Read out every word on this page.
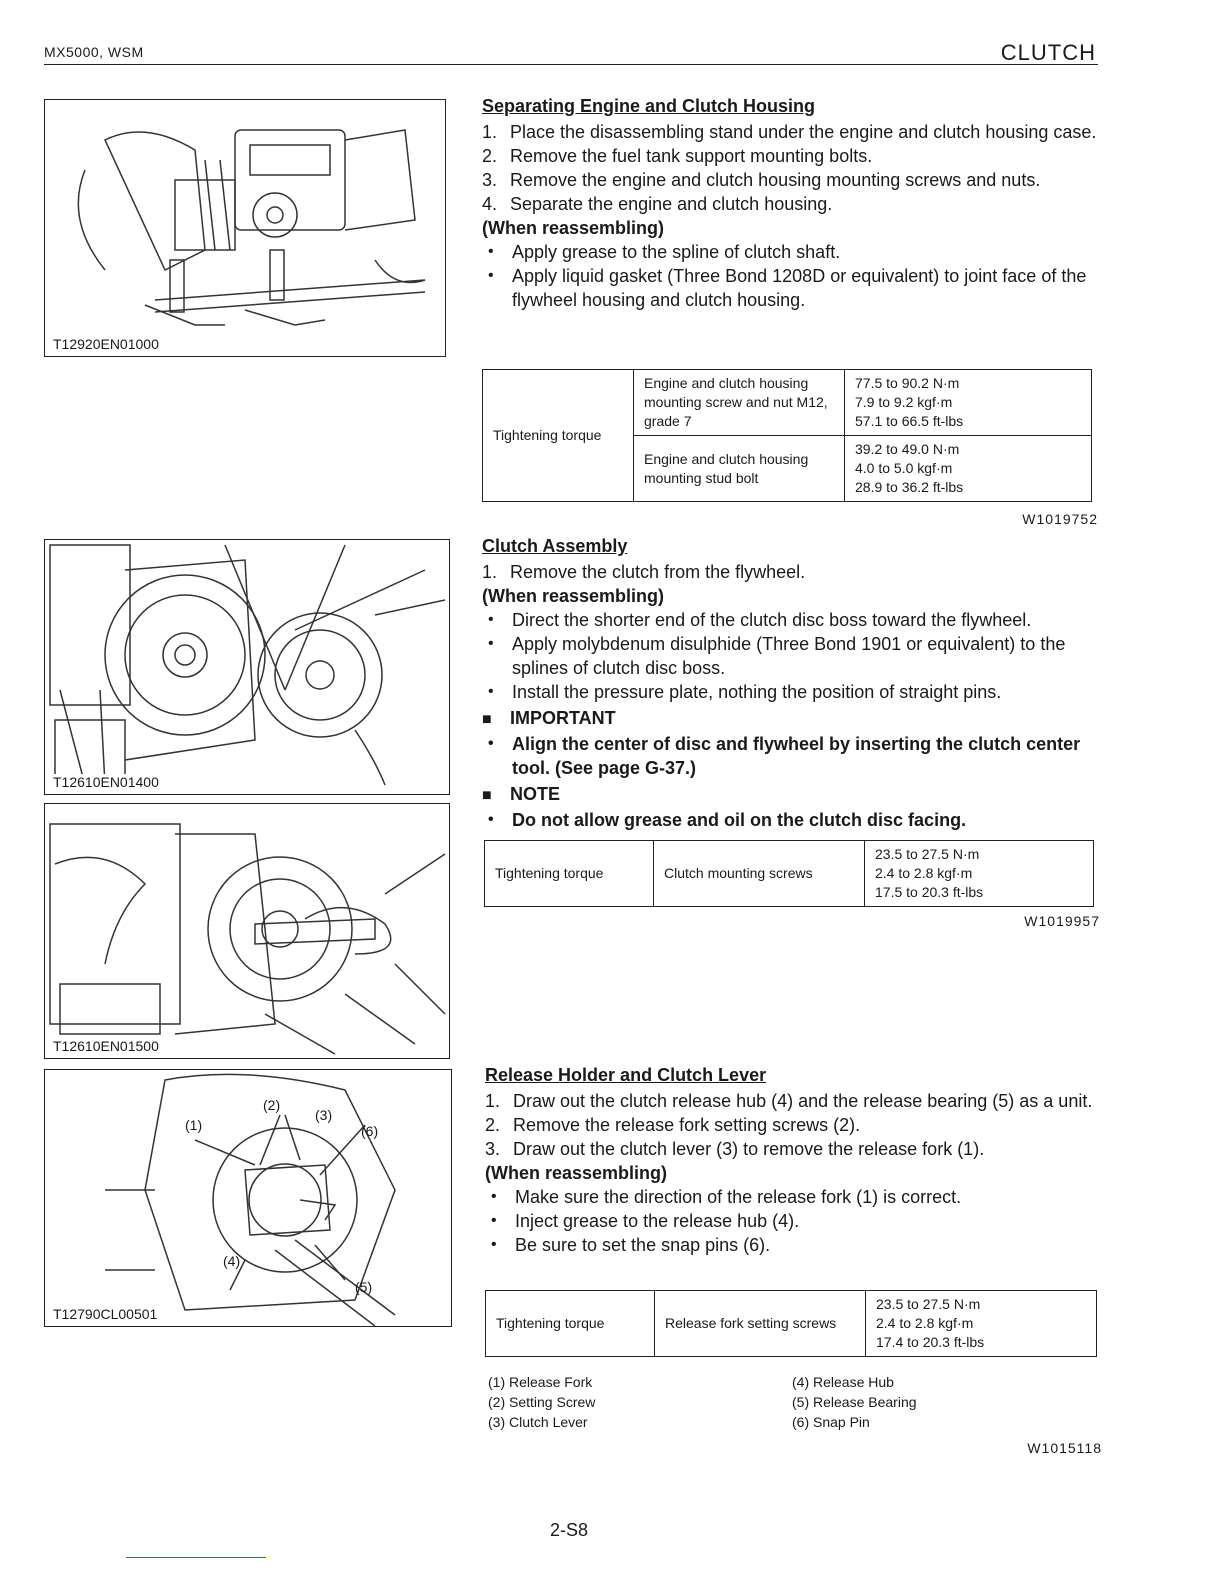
MX5000, WSM	CLUTCH
T12920EN01000
T12610EN01400
T12610EN01500
(1)
(2)
(3)
(4)
(5)
(6)
T12790CL00501
Separating Engine and Clutch Housing
1. Place the disassembling stand under the engine and clutch housing case.
2. Remove the fuel tank support mounting bolts.
3. Remove the engine and clutch housing mounting screws and nuts.
4. Separate the engine and clutch housing.
(When reassembling)
• Apply grease to the spline of clutch shaft.
• Apply liquid gasket (Three Bond 1208D or equivalent) to joint face of the flywheel housing and clutch housing.
Tightening torque	Engine and clutch housing mounting screw and nut M12, grade 7	77.5 to 90.2 N·m
7.9 to 9.2 kgf·m
57.1 to 66.5 ft-lbs
	Engine and clutch housing mounting stud bolt	39.2 to 49.0 N·m
4.0 to 5.0 kgf·m
28.9 to 36.2 ft-lbs
W1019752
Clutch Assembly
1. Remove the clutch from the flywheel.
(When reassembling)
• Direct the shorter end of the clutch disc boss toward the flywheel.
• Apply molybdenum disulphide (Three Bond 1901 or equivalent) to the splines of clutch disc boss.
• Install the pressure plate, nothing the position of straight pins.
■ IMPORTANT
• Align the center of disc and flywheel by inserting the clutch center tool. (See page G-37.)
■ NOTE
• Do not allow grease and oil on the clutch disc facing.
Tightening torque	Clutch mounting screws	23.5 to 27.5 N·m
2.4 to 2.8 kgf·m
17.5 to 20.3 ft-lbs
W1019957
Release Holder and Clutch Lever
1. Draw out the clutch release hub (4) and the release bearing (5) as a unit.
2. Remove the release fork setting screws (2).
3. Draw out the clutch lever (3) to remove the release fork (1).
(When reassembling)
• Make sure the direction of the release fork (1) is correct.
• Inject grease to the release hub (4).
• Be sure to set the snap pins (6).
Tightening torque	Release fork setting screws	23.5 to 27.5 N·m
2.4 to 2.8 kgf·m
17.4 to 20.3 ft-lbs
(1) Release Fork
(2) Setting Screw
(3) Clutch Lever
(4) Release Hub
(5) Release Bearing
(6) Snap Pin
W1015118
2-S8
